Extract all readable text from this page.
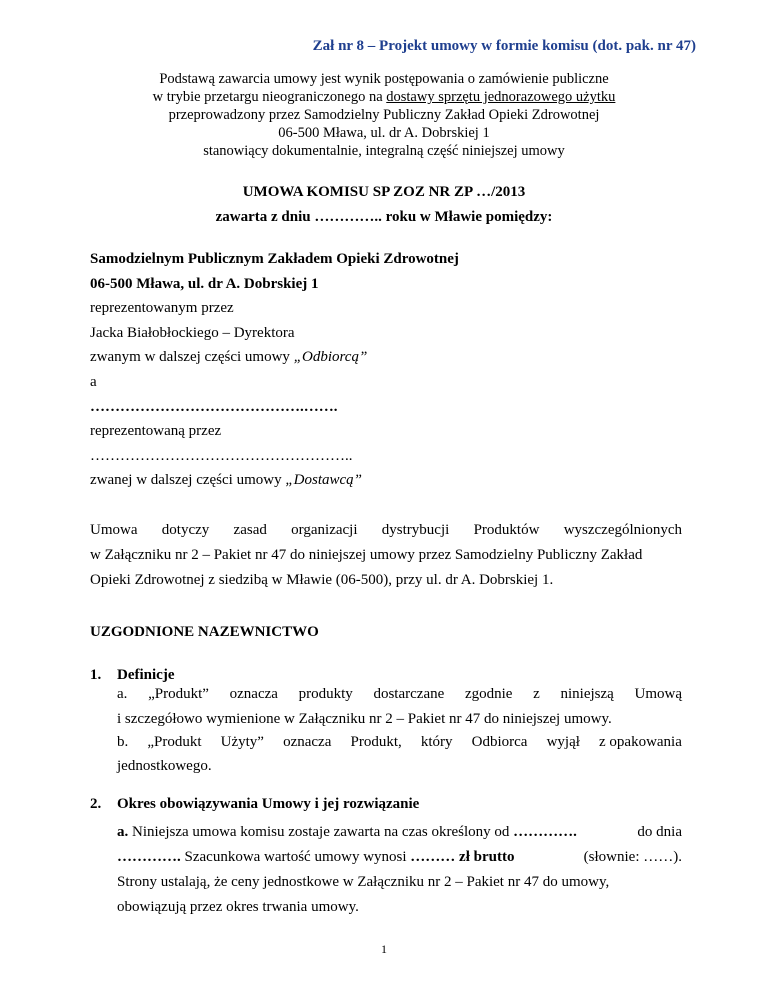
Zał nr 8 – Projekt umowy w formie komisu (dot. pak. nr 47)
Podstawą zawarcia umowy jest wynik postępowania o zamówienie publiczne
w trybie przetargu nieograniczonego na dostawy sprzętu jednorazowego użytku
przeprowadzony przez Samodzielny Publiczny Zakład Opieki Zdrowotnej
06-500 Mława, ul. dr A. Dobrskiej 1
stanowiący dokumentalnie, integralną część niniejszej umowy
UMOWA KOMISU SP ZOZ NR ZP …/2013
zawarta z dniu ………….. roku w Mławie pomiędzy:
Samodzielnym Publicznym Zakładem Opieki Zdrowotnej
06-500 Mława, ul. dr A. Dobrskiej 1
reprezentowanym przez
Jacka Białobłockiego – Dyrektora
zwanym w dalszej części umowy „Odbiorcą”
a
…………………………………….…….
reprezentowaną przez
……………………………………………..
zwanej w dalszej części umowy „Dostawcą”
Umowa dotyczy zasad organizacji dystrybucji Produktów wyszczególnionych
w Załączniku nr 2 – Pakiet nr 47 do niniejszej umowy przez Samodzielny Publiczny Zakład
Opieki Zdrowotnej z siedzibą w Mławie (06-500), przy ul. dr A. Dobrskiej 1.
UZGODNIONE NAZEWNICTWO
1. Definicje
a. „Produkt” oznacza produkty dostarczane zgodnie z niniejszą Umową
i szczegółowo wymienione w Załączniku nr 2 – Pakiet nr 47 do niniejszej umowy.
b. „Produkt Użyty” oznacza Produkt, który Odbiorca wyjął z opakowania
jednostkowego.
2. Okres obowiązywania Umowy i jej rozwiązanie
a. Niniejsza umowa komisu zostaje zawarta na czas określony od ………….	do dnia
…………. Szacunkowa wartość umowy wynosi ……… zł brutto	(słownie: ……).
Strony ustalają, że ceny jednostkowe w Załączniku nr 2 – Pakiet nr 47 do umowy,
obowiązują przez okres trwania umowy.
1
